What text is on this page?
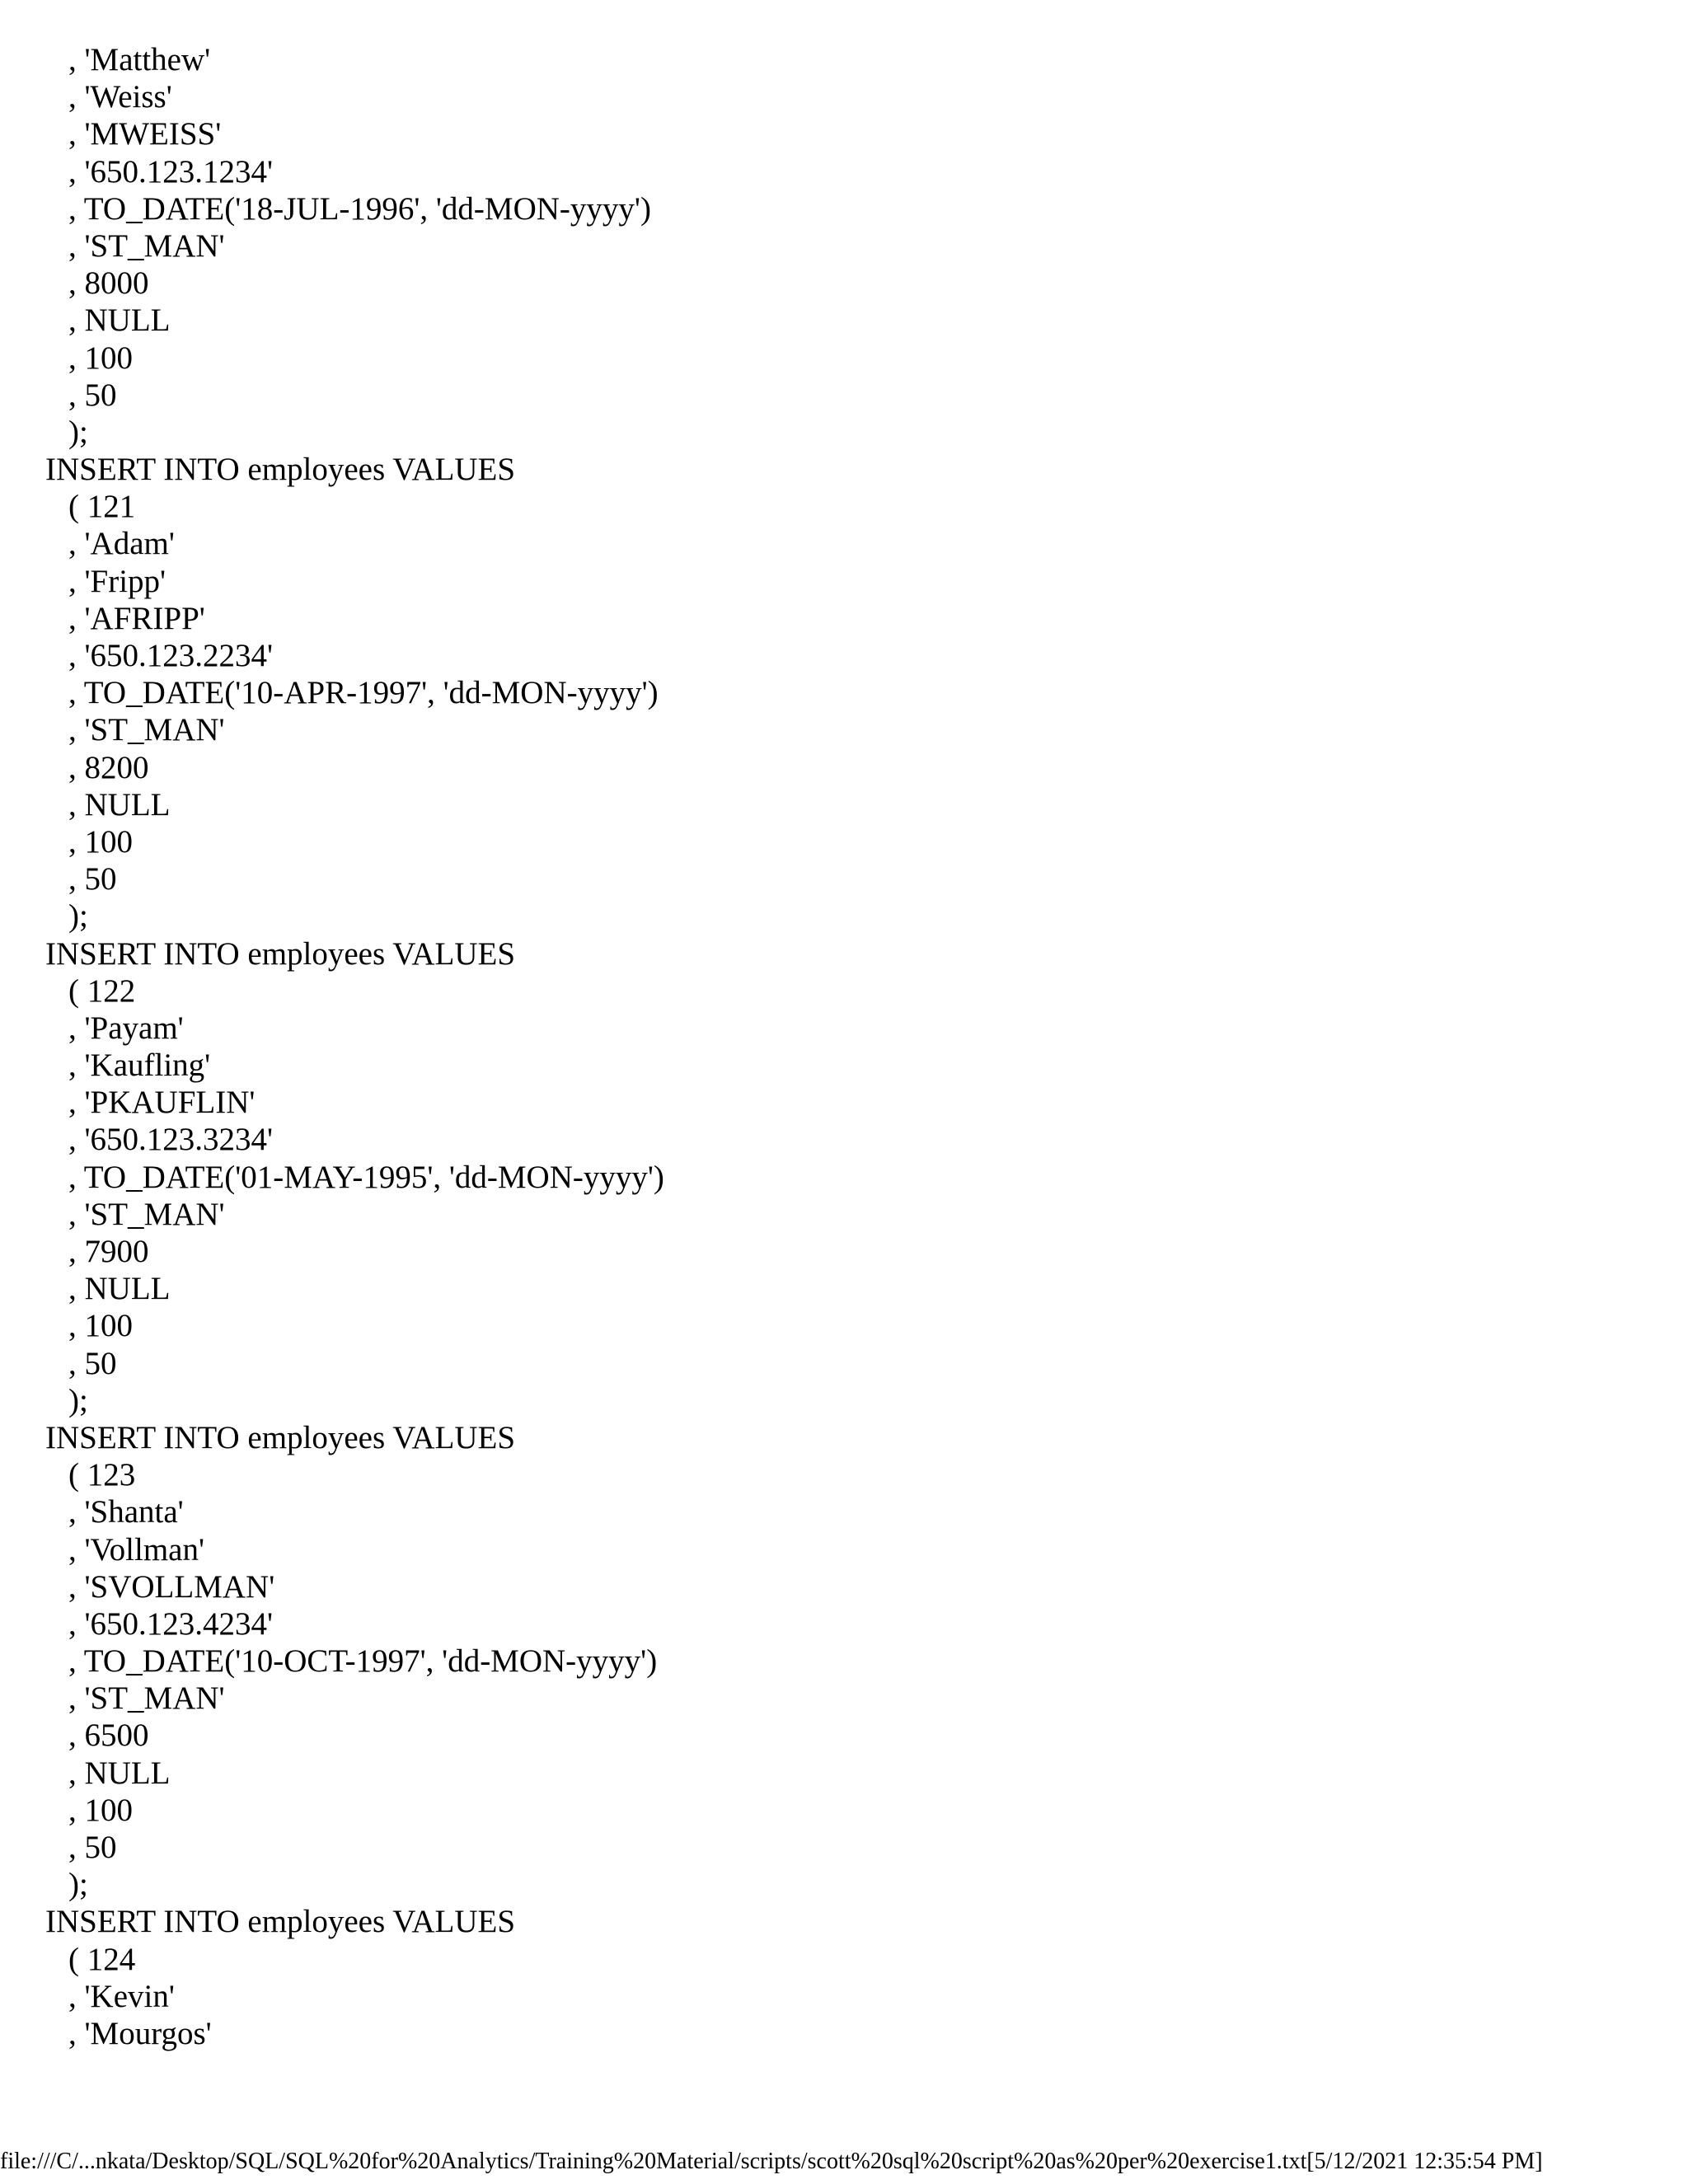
, 'Matthew'
, 'Weiss'
, 'MWEISS'
, '650.123.1234'
, TO_DATE('18-JUL-1996', 'dd-MON-yyyy')
, 'ST_MAN'
, 8000
, NULL
, 100
, 50
);
INSERT INTO employees VALUES
( 121
, 'Adam'
, 'Fripp'
, 'AFRIPP'
, '650.123.2234'
, TO_DATE('10-APR-1997', 'dd-MON-yyyy')
, 'ST_MAN'
, 8200
, NULL
, 100
, 50
);
INSERT INTO employees VALUES
( 122
, 'Payam'
, 'Kaufling'
, 'PKAUFLIN'
, '650.123.3234'
, TO_DATE('01-MAY-1995', 'dd-MON-yyyy')
, 'ST_MAN'
, 7900
, NULL
, 100
, 50
);
INSERT INTO employees VALUES
( 123
, 'Shanta'
, 'Vollman'
, 'SVOLLMAN'
, '650.123.4234'
, TO_DATE('10-OCT-1997', 'dd-MON-yyyy')
, 'ST_MAN'
, 6500
, NULL
, 100
, 50
);
INSERT INTO employees VALUES
( 124
, 'Kevin'
, 'Mourgos'
file:///C/...nkata/Desktop/SQL/SQL%20for%20Analytics/Training%20Material/scripts/scott%20sql%20script%20as%20per%20exercise1.txt[5/12/2021 12:35:54 PM]
